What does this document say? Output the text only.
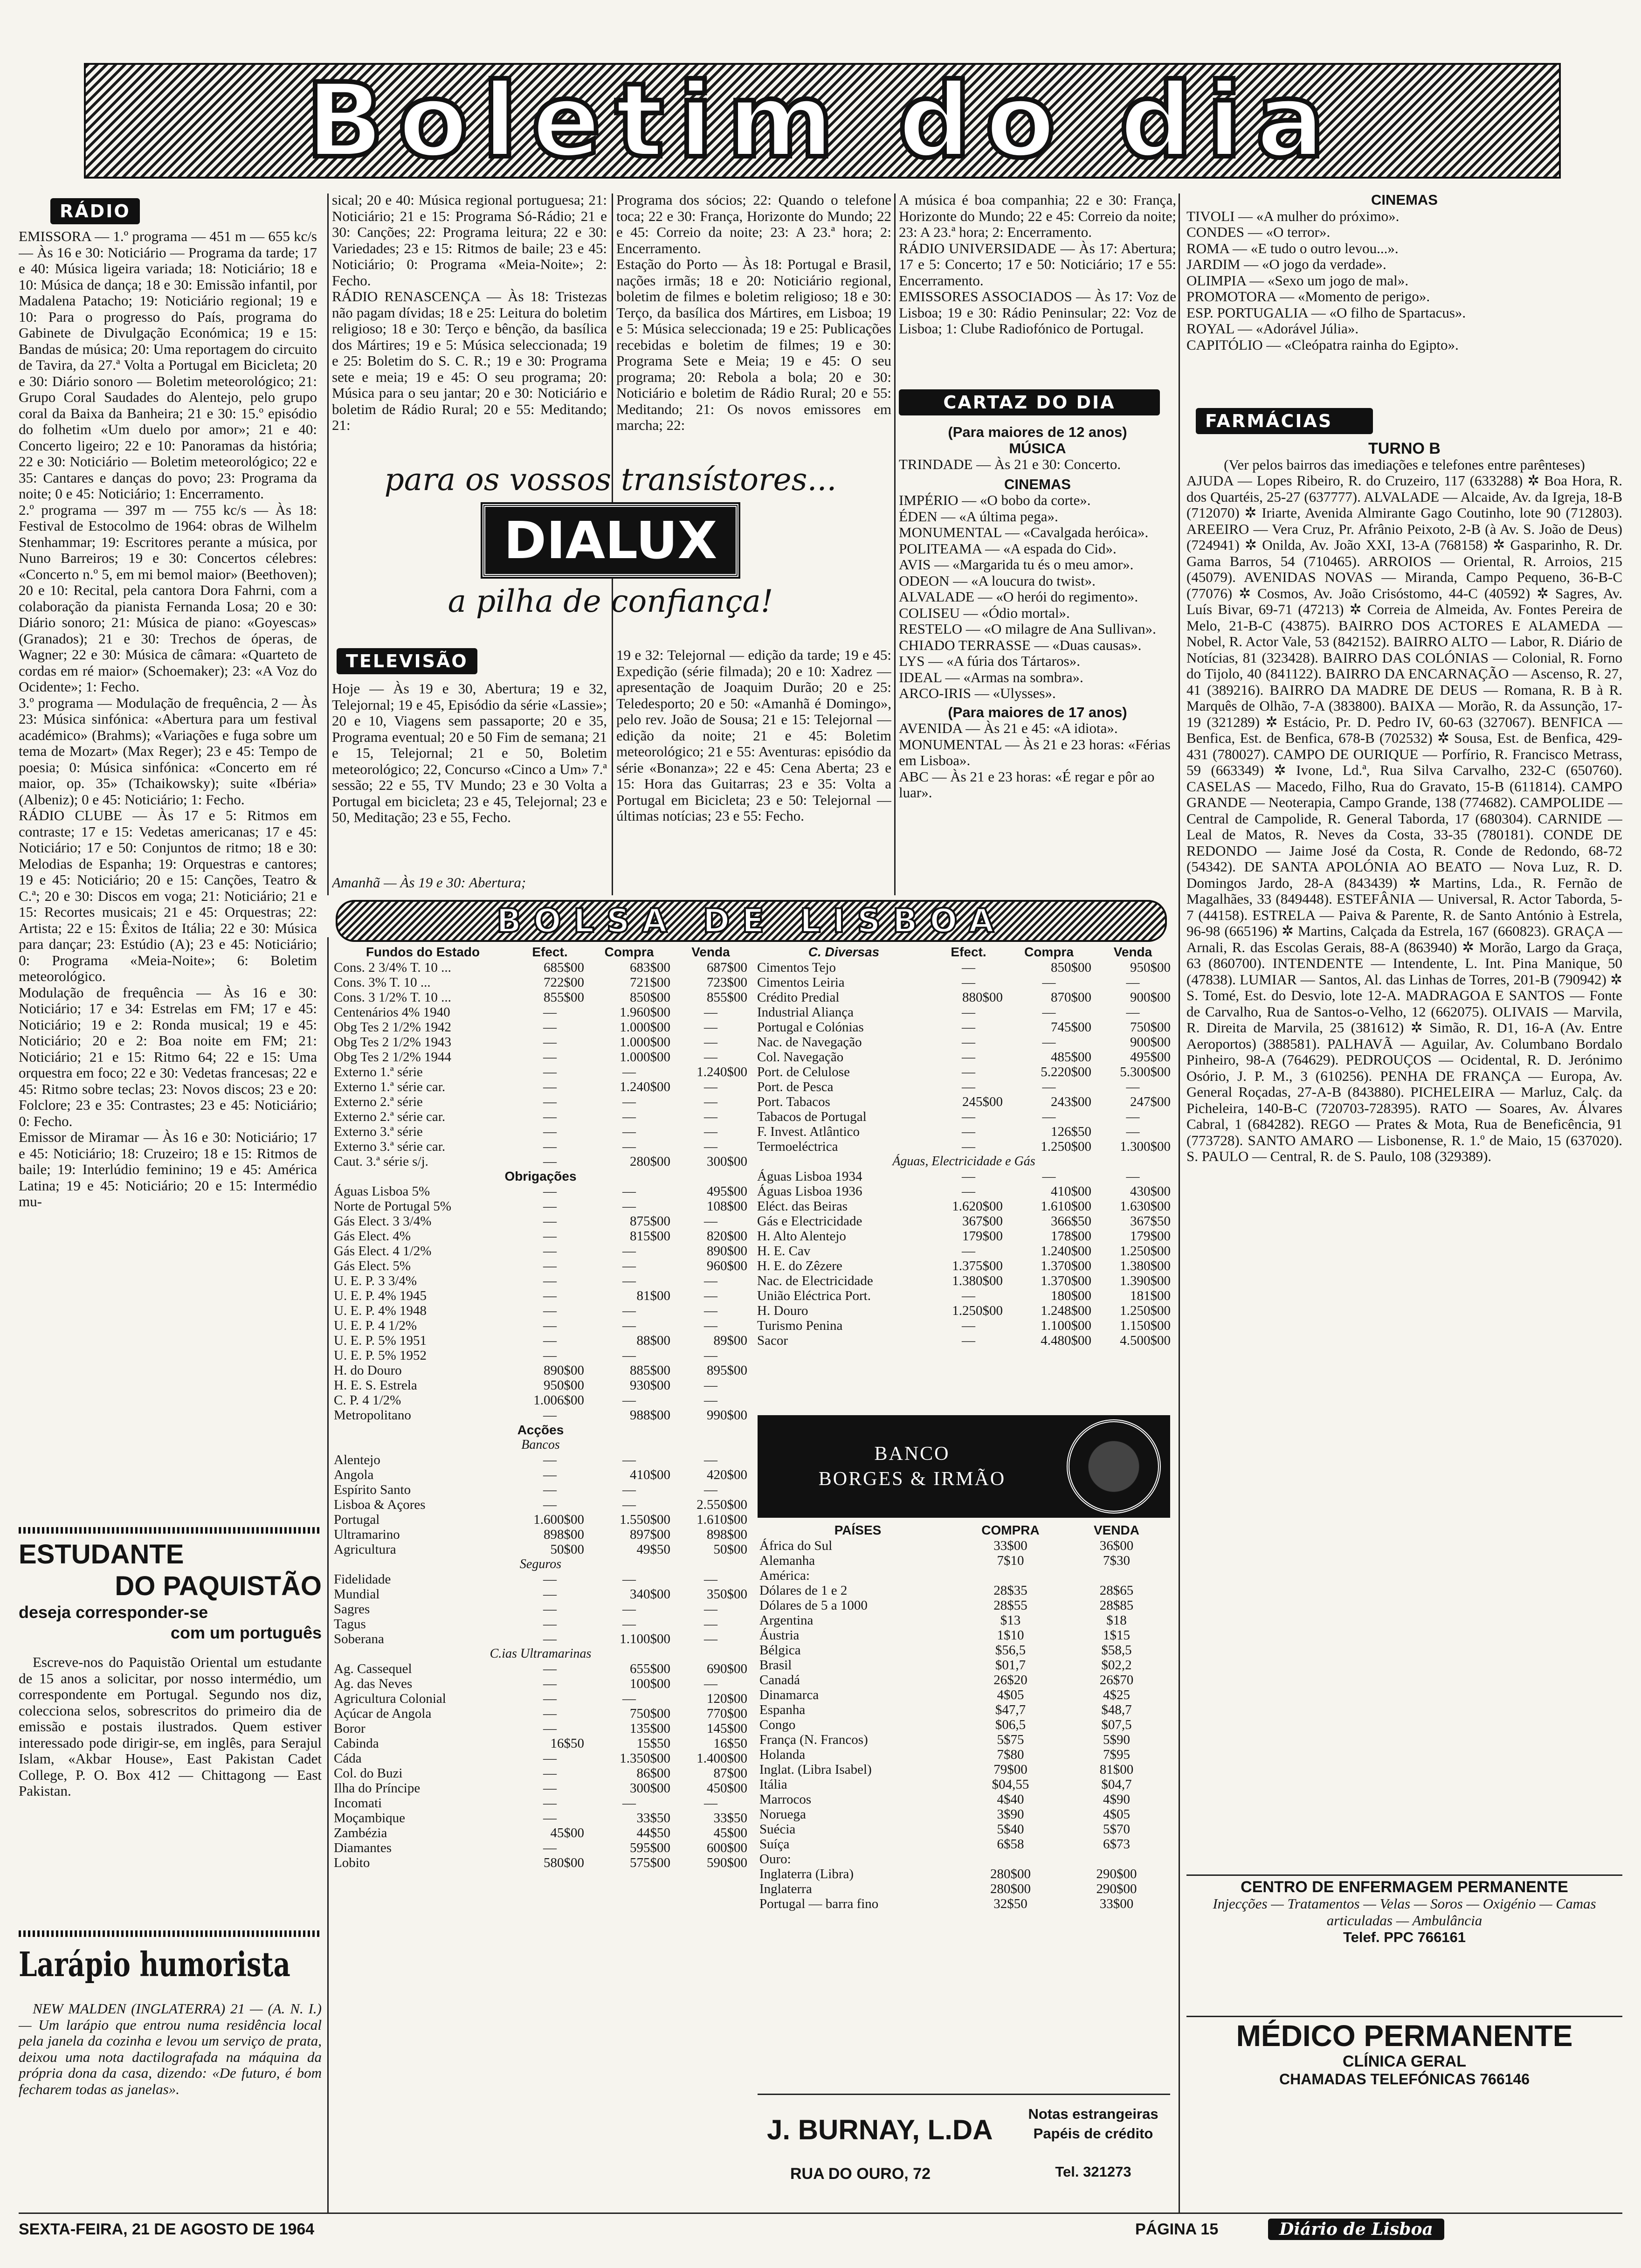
Boletim do dia
RÁDIO
EMISSORA — 1.º programa — 451 m — 655 kc/s — Às 16 e 30: Noticiário — Programa da tarde; 17 e 40: Música ligeira variada; 18: Noticiário; 18 e 10: Música de dança; 18 e 30: Emissão infantil, por Madalena Patacho; 19: Noticiário regional; 19 e 10: Para o progresso do País, programa do Gabinete de Divulgação Económica; 19 e 15: Bandas de música; 20: Uma reportagem do circuito de Tavira, da 27.ª Volta a Portugal em Bicicleta; 20 e 30: Diário sonoro — Boletim meteorológico; 21: Grupo Coral Saudades do Alentejo, pelo grupo coral da Baixa da Banheira; 21 e 30: 15.º episódio do folhetim «Um duelo por amor»; 21 e 40: Concerto ligeiro; 22 e 10: Panoramas da história; 22 e 30: Noticiário — Boletim meteorológico; 22 e 35: Cantares e danças do povo; 23: Programa da noite; 0 e 45: Noticiário; 1: Encerramento.
2.º programa — 397 m — 755 kc/s — Às 18: Festival de Estocolmo de 1964: obras de Wilhelm Stenhammar; 19: Escritores perante a música, por Nuno Barreiros; 19 e 30: Concertos célebres: «Concerto n.º 5, em mi bemol maior» (Beethoven); 20 e 10: Recital, pela cantora Dora Fahrni, com a colaboração da pianista Fernanda Losa; 20 e 30: Diário sonoro; 21: Música de piano: «Goyescas» (Granados); 21 e 30: Trechos de óperas, de Wagner; 22 e 30: Música de câmara: «Quarteto de cordas em ré maior» (Schoemaker); 23: «A Voz do Ocidente»; 1: Fecho.
3.º programa — Modulação de frequência, 2 — Às 23: Música sinfónica: «Abertura para um festival académico» (Brahms); «Variações e fuga sobre um tema de Mozart» (Max Reger); 23 e 45: Tempo de poesia; 0: Música sinfónica: «Concerto em ré maior, op. 35» (Tchaikowsky); suite «Ibéria» (Albeniz); 0 e 45: Noticiário; 1: Fecho.
RÁDIO CLUBE — Às 17 e 5: Ritmos em contraste; 17 e 15: Vedetas americanas; 17 e 45: Noticiário; 17 e 50: Conjuntos de ritmo; 18 e 30: Melodias de Espanha; 19: Orquestras e cantores; 19 e 45: Noticiário; 20 e 15: Canções, Teatro & C.ª; 20 e 30: Discos em voga; 21: Noticiário; 21 e 15: Recortes musicais; 21 e 45: Orquestras; 22: Artista; 22 e 15: Êxitos de Itália; 22 e 30: Música para dançar; 23: Estúdio (A); 23 e 45: Noticiário; 0: Programa «Meia-Noite»; 6: Boletim meteorológico.
Modulação de frequência — Às 16 e 30: Noticiário; 17 e 34: Estrelas em FM; 17 e 45: Noticiário; 19 e 2: Ronda musical; 19 e 45: Noticiário; 20 e 2: Boa noite em FM; 21: Noticiário; 21 e 15: Ritmo 64; 22 e 15: Uma orquestra em foco; 22 e 30: Vedetas francesas; 22 e 45: Ritmo sobre teclas; 23: Novos discos; 23 e 20: Folclore; 23 e 35: Contrastes; 23 e 45: Noticiário; 0: Fecho.
Emissor de Miramar — Às 16 e 30: Noticiário; 17 e 45: Noticiário; 18: Cruzeiro; 18 e 15: Ritmos de baile; 19: Interlúdio feminino; 19 e 45: América Latina; 19 e 45: Noticiário; 20 e 15: Intermédio mu-
sical; 20 e 40: Música regional portuguesa; 21: Noticiário; 21 e 15: Programa Só-Rádio; 21 e 30: Canções; 22: Programa leitura; 22 e 30: Variedades; 23 e 15: Ritmos de baile; 23 e 45: Noticiário; 0: Programa «Meia-Noite»; 2: Fecho.
RÁDIO RENASCENÇA — Às 18: Tristezas não pagam dívidas; 18 e 25: Leitura do boletim religioso; 18 e 30: Terço e bênção, da basílica dos Mártires; 19 e 5: Música seleccionada; 19 e 25: Boletim do S. C. R.; 19 e 30: Programa sete e meia; 19 e 45: O seu programa; 20: Música para o seu jantar; 20 e 30: Noticiário e boletim de Rádio Rural; 20 e 55: Meditando; 21:
Programa dos sócios; 22: Quando o telefone toca; 22 e 30: França, Horizonte do Mundo; 22 e 45: Correio da noite; 23: A 23.ª hora; 2: Encerramento.
Estação do Porto — Às 18: Portugal e Brasil, nações irmãs; 18 e 20: Noticiário regional, boletim de filmes e boletim religioso; 18 e 30: Terço, da basílica dos Mártires, em Lisboa; 19 e 5: Música seleccionada; 19 e 25: Publicações recebidas e boletim de filmes; 19 e 30: Programa Sete e Meia; 19 e 45: O seu programa; 20: Rebola a bola; 20 e 30: Noticiário e boletim de Rádio Rural; 20 e 55: Meditando; 21: Os novos emissores em marcha; 22:
A música é boa companhia; 22 e 30: França, Horizonte do Mundo; 22 e 45: Correio da noite; 23: A 23.ª hora; 2: Encerramento.
RÁDIO UNIVERSIDADE — Às 17: Abertura; 17 e 5: Concerto; 17 e 50: Noticiário; 17 e 55: Encerramento.
EMISSORES ASSOCIADOS — Às 17: Voz de Lisboa; 19 e 30: Rádio Peninsular; 22: Voz de Lisboa; 1: Clube Radiofónico de Portugal.
para os vossos transístores...
DIALUX
a pilha de confiança!
TELEVISÃO
Hoje — Às 19 e 30, Abertura; 19 e 32, Telejornal; 19 e 45, Episódio da série «Lassie»; 20 e 10, Viagens sem passaporte; 20 e 35, Programa eventual; 20 e 50 Fim de semana; 21 e 15, Telejornal; 21 e 50, Boletim meteorológico; 22, Concurso «Cinco a Um» 7.ª sessão; 22 e 55, TV Mundo; 23 e 30 Volta a Portugal em bicicleta; 23 e 45, Telejornal; 23 e 50, Meditação; 23 e 55, Fecho.
Amanhã — Às 19 e 30: Abertura;
19 e 32: Telejornal — edição da tarde; 19 e 45: Expedição (série filmada); 20 e 10: Xadrez — apresentação de Joaquim Durão; 20 e 25: Teledesporto; 20 e 50: «Amanhã é Domingo», pelo rev. João de Sousa; 21 e 15: Telejornal — edição da noite; 21 e 45: Boletim meteorológico; 21 e 55: Aventuras: episódio da série «Bonanza»; 22 e 45: Cena Aberta; 23 e 15: Hora das Guitarras; 23 e 35: Volta a Portugal em Bicicleta; 23 e 50: Telejornal — últimas notícias; 23 e 55: Fecho.
CARTAZ DO DIA
(Para maiores de 12 anos)
MÚSICA
TRINDADE — Às 21 e 30: Concerto.
CINEMAS
IMPÉRIO — «O bobo da corte».
ÉDEN — «A última pega».
MONUMENTAL — «Cavalgada heróica».
POLITEAMA — «A espada do Cid».
AVIS — «Margarida tu és o meu amor».
ODEON — «A loucura do twist».
ALVALADE — «O herói do regimento».
COLISEU — «Ódio mortal».
RESTELO — «O milagre de Ana Sullivan».
CHIADO TERRASSE — «Duas causas».
LYS — «A fúria dos Tártaros».
IDEAL — «Armas na sombra».
ARCO-IRIS — «Ulysses».
(Para maiores de 17 anos)
AVENIDA — Às 21 e 45: «A idiota».
MONUMENTAL — Às 21 e 23 horas: «Férias em Lisboa».
ABC — Às 21 e 23 horas: «É regar e pôr ao luar».
CINEMAS
TIVOLI — «A mulher do próximo».
CONDES — «O terror».
ROMA — «E tudo o outro levou...».
JARDIM — «O jogo da verdade».
OLIMPIA — «Sexo um jogo de mal».
PROMOTORA — «Momento de perigo».
ESP. PORTUGALIA — «O filho de Spartacus».
ROYAL — «Adorável Júlia».
CAPITÓLIO — «Cleópatra rainha do Egipto».
FARMÁCIAS
TURNO B
(Ver pelos bairros das imediações e telefones entre parênteses)
AJUDA — Lopes Ribeiro, R. do Cruzeiro, 117 (633288) ✲ Boa Hora, R. dos Quartéis, 25-27 (637777). ALVALADE — Alcaide, Av. da Igreja, 18-B (712070) ✲ Iriarte, Avenida Almirante Gago Coutinho, lote 90 (712803). AREEIRO — Vera Cruz, Pr. Afrânio Peixoto, 2-B (à Av. S. João de Deus) (724941) ✲ Onilda, Av. João XXI, 13-A (768158) ✲ Gasparinho, R. Dr. Gama Barros, 54 (710465). ARROIOS — Oriental, R. Arroios, 215 (45079). AVENIDAS NOVAS — Miranda, Campo Pequeno, 36-B-C (77076) ✲ Cosmos, Av. João Crisóstomo, 44-C (40592) ✲ Sagres, Av. Luís Bivar, 69-71 (47213) ✲ Correia de Almeida, Av. Fontes Pereira de Melo, 21-B-C (43875). BAIRRO DOS ACTORES E ALAMEDA — Nobel, R. Actor Vale, 53 (842152). BAIRRO ALTO — Labor, R. Diário de Notícias, 81 (323428). BAIRRO DAS COLÓNIAS — Colonial, R. Forno do Tijolo, 40 (841122). BAIRRO DA ENCARNAÇÃO — Ascenso, R. 27, 41 (389216). BAIRRO DA MADRE DE DEUS — Romana, R. B à R. Marquês de Olhão, 7-A (383800). BAIXA — Morão, R. da Assunção, 17-19 (321289) ✲ Estácio, Pr. D. Pedro IV, 60-63 (327067). BENFICA — Benfica, Est. de Benfica, 678-B (702532) ✲ Sousa, Est. de Benfica, 429-431 (780027). CAMPO DE OURIQUE — Porfírio, R. Francisco Metrass, 59 (663349) ✲ Ivone, Ld.ª, Rua Silva Carvalho, 232-C (650760). CASELAS — Macedo, Filho, Rua do Gravato, 15-B (611814). CAMPO GRANDE — Neoterapia, Campo Grande, 138 (774682). CAMPOLIDE — Central de Campolide, R. General Taborda, 17 (680304). CARNIDE — Leal de Matos, R. Neves da Costa, 33-35 (780181). CONDE DE REDONDO — Jaime José da Costa, R. Conde de Redondo, 68-72 (54342). DE SANTA APOLÓNIA AO BEATO — Nova Luz, R. D. Domingos Jardo, 28-A (843439) ✲ Martins, Lda., R. Fernão de Magalhães, 33 (849448). ESTEFÂNIA — Universal, R. Actor Taborda, 5-7 (44158). ESTRELA — Paiva & Parente, R. de Santo António à Estrela, 96-98 (665196) ✲ Martins, Calçada da Estrela, 167 (660823). GRAÇA — Arnali, R. das Escolas Gerais, 88-A (863940) ✲ Morão, Largo da Graça, 63 (860700). INTENDENTE — Intendente, L. Int. Pina Manique, 50 (47838). LUMIAR — Santos, Al. das Linhas de Torres, 201-B (790942) ✲ S. Tomé, Est. do Desvio, lote 12-A. MADRAGOA E SANTOS — Fonte de Carvalho, Rua de Santos-o-Velho, 12 (662075). OLIVAIS — Marvila, R. Direita de Marvila, 25 (381612) ✲ Simão, R. D1, 16-A (Av. Entre Aeroportos) (388581). PALHAVÃ — Aguilar, Av. Columbano Bordalo Pinheiro, 98-A (764629). PEDROUÇOS — Ocidental, R. D. Jerónimo Osório, J. P. M., 3 (610256). PENHA DE FRANÇA — Europa, Av. General Roçadas, 27-A-B (843880). PICHELEIRA — Marluz, Calç. da Picheleira, 140-B-C (720703-728395). RATO — Soares, Av. Álvares Cabral, 1 (684282). REGO — Prates & Mota, Rua de Beneficência, 91 (773728). SANTO AMARO — Lisbonense, R. 1.º de Maio, 15 (637020). S. PAULO — Central, R. de S. Paulo, 108 (329389).
CENTRO DE ENFERMAGEM PERMANENTE
Injecções — Tratamentos — Velas — Soros — Oxigénio — Camas articuladas — Ambulância
Telef. PPC 766161
MÉDICO PERMANENTE
CLÍNICA GERAL
CHAMADAS TELEFÓNICAS 766146
ESTUDANTE
DO PAQUISTÃO
deseja corresponder-se
com um português
Escreve-nos do Paquistão Oriental um estudante de 15 anos a solicitar, por nosso intermédio, um correspondente em Portugal. Segundo nos diz, colecciona selos, sobrescritos do primeiro dia de emissão e postais ilustrados. Quem estiver interessado pode dirigir-se, em inglês, para Serajul Islam, «Akbar House», East Pakistan Cadet College, P. O. Box 412 — Chittagong — East Pakistan.
Larápio humorista
NEW MALDEN (INGLATERRA) 21 — (A. N. I.) — Um larápio que entrou numa residência local pela janela da cozinha e levou um serviço de prata, deixou uma nota dactilografada na máquina da própria dona da casa, dizendo: «De futuro, é bom fecharem todas as janelas».
BOLSA DE LISBOA
Fundos do Estado	Efect.	Compra	Venda
Cons. 2 3/4% T. 10 ...	685$00	683$00	687$00
Cons. 3% T. 10 ...	722$00	721$00	723$00
Cons. 3 1/2% T. 10 ...	855$00	850$00	855$00
Centenários 4% 1940	—	1.960$00	—
Obg Tes 2 1/2% 1942	—	1.000$00	—
Obg Tes 2 1/2% 1943	—	1.000$00	—
Obg Tes 2 1/2% 1944	—	1.000$00	—
Externo 1.ª série	—	—	1.240$00
Externo 1.ª série car.	—	1.240$00	—
Externo 2.ª série	—	—	—
Externo 2.ª série car.	—	—	—
Externo 3.ª série	—	—	—
Externo 3.ª série car.	—	—	—
Caut. 3.ª série s/j.	—	280$00	300$00
Obrigações			
Águas Lisboa 5%	—	—	495$00
Norte de Portugal 5%	—	—	108$00
Gás Elect. 3 3/4%	—	875$00	—
Gás Elect. 4%	—	815$00	820$00
Gás Elect. 4 1/2%	—	—	890$00
Gás Elect. 5%	—	—	960$00
U. E. P. 3 3/4%	—	—	—
U. E. P. 4% 1945	—	81$00	—
U. E. P. 4% 1948	—	—	—
U. E. P. 4 1/2%	—	—	—
U. E. P. 5% 1951	—	88$00	89$00
U. E. P. 5% 1952	—	—	—
H. do Douro	890$00	885$00	895$00
H. E. S. Estrela	950$00	930$00	—
C. P. 4 1/2%	1.006$00	—	—
Metropolitano	—	988$00	990$00
Acções			
Bancos			
Alentejo	—	—	—
Angola	—	410$00	420$00
Espírito Santo	—	—	—
Lisboa & Açores	—	—	2.550$00
Portugal	1.600$00	1.550$00	1.610$00
Ultramarino	898$00	897$00	898$00
Agricultura	50$00	49$50	50$00
Seguros			
Fidelidade	—	—	—
Mundial	—	340$00	350$00
Sagres	—	—	—
Tagus	—	—	—
Soberana	—	1.100$00	—
C.ias Ultramarinas			
Ag. Cassequel	—	655$00	690$00
Ag. das Neves	—	100$00	—
Agricultura Colonial	—	—	120$00
Açúcar de Angola	—	750$00	770$00
Boror	—	135$00	145$00
Cabinda	16$50	15$50	16$50
Cáda	—	1.350$00	1.400$00
Col. do Buzi	—	86$00	87$00
Ilha do Príncipe	—	300$00	450$00
Incomati	—	—	—
Moçambique	—	33$50	33$50
Zambézia	45$00	44$50	45$00
Diamantes	—	595$00	600$00
Lobito	580$00	575$00	590$00
C. Diversas	Efect.	Compra	Venda
Cimentos Tejo	—	850$00	950$00
Cimentos Leiria	—	—	—
Crédito Predial	880$00	870$00	900$00
Industrial Aliança	—	—	—
Portugal e Colónias	—	745$00	750$00
Nac. de Navegação	—	—	900$00
Col. Navegação	—	485$00	495$00
Port. de Celulose	—	5.220$00	5.300$00
Port. de Pesca	—	—	—
Port. Tabacos	245$00	243$00	247$00
Tabacos de Portugal	—	—	—
F. Invest. Atlântico	—	126$50	—
Termoeléctrica	—	1.250$00	1.300$00
Águas, Electricidade e Gás			
Águas Lisboa 1934	—	—	—
Águas Lisboa 1936	—	410$00	430$00
Eléct. das Beiras	1.620$00	1.610$00	1.630$00
Gás e Electricidade	367$00	366$50	367$50
H. Alto Alentejo	179$00	178$00	179$00
H. E. Cav	—	1.240$00	1.250$00
H. E. do Zêzere	1.375$00	1.370$00	1.380$00
Nac. de Electricidade	1.380$00	1.370$00	1.390$00
União Eléctrica Port.	—	180$00	181$00
H. Douro	1.250$00	1.248$00	1.250$00
Turismo Penina	—	1.100$00	1.150$00
Sacor	—	4.480$00	4.500$00
BANCO
BORGES & IRMÃO
PAÍSES	COMPRA	VENDA
África do Sul	33$00	36$00
Alemanha	7$10	7$30
América:		
Dólares de 1 e 2	28$35	28$65
Dólares de 5 a 1000	28$55	28$85
Argentina	$13	$18
Áustria	1$10	1$15
Bélgica	$56,5	$58,5
Brasil	$01,7	$02,2
Canadá	26$20	26$70
Dinamarca	4$05	4$25
Espanha	$47,7	$48,7
Congo	$06,5	$07,5
França (N. Francos)	5$75	5$90
Holanda	7$80	7$95
Inglat. (Libra Isabel)	79$00	81$00
Itália	$04,55	$04,7
Marrocos	4$40	4$90
Noruega	3$90	4$05
Suécia	5$40	5$70
Suíça	6$58	6$73
Ouro:		
Inglaterra (Libra)	280$00	290$00
Inglaterra	280$00	290$00
Portugal — barra fino	32$50	33$00
J. BURNAY, L.DA
RUA DO OURO, 72
Notas estrangeiras
Papéis de crédito
Tel. 321273
SEXTA-FEIRA, 21 DE AGOSTO DE 1964	PÁGINA 15	Diário de Lisboa
